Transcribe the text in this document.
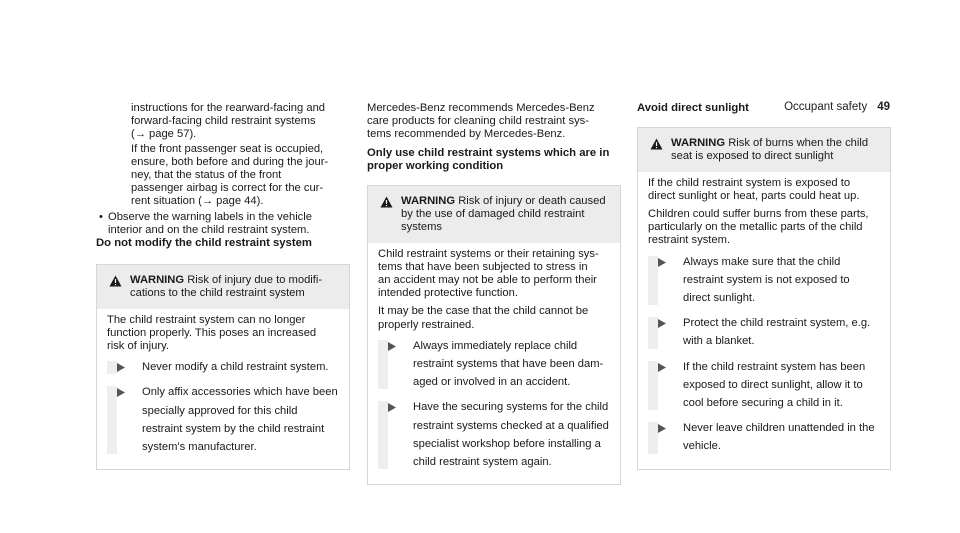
Occupant safety 49

instructions for the rearward-facing and

forward-facing child restraint systems

(→ page 57).

If the front passenger seat is occupied,

ensure, both before and during the jour-

ney, that the status of the front

passenger airbag is correct for the cur-

rent situation (→ page 44).

• Observe the warning labels in the vehicle

interior and on the child restraint system.

Do not modify the child restraint system

WARNING Risk of injury due to modifi-
cations to the child restraint system

The child restraint system can no longer
function properly. This poses an increased
risk of injury.

Never modify a child restraint system.

Only affix accessories which have been

specially approved for this child

restraint system by the child restraint

system's manufacturer.

Mercedes-Benz recommends Mercedes-Benz

care products for cleaning child restraint sys-

tems recommended by Mercedes-Benz.

Only use child restraint systems which are in

proper working condition

WARNING Risk of injury or death caused
by the use of damaged child restraint
systems

Child restraint systems or their retaining sys-
tems that have been subjected to stress in
an accident may not be able to perform their
intended protective function.

It may be the case that the child cannot be
properly restrained.

Always immediately replace child

restraint systems that have been dam-

aged or involved in an accident.

Have the securing systems for the child

restraint systems checked at a qualified

specialist workshop before installing a

child restraint system again.

Avoid direct sunlight

WARNING Risk of burns when the child
seat is exposed to direct sunlight

If the child restraint system is exposed to
direct sunlight or heat, parts could heat up.

Children could suffer burns from these parts,
particularly on the metallic parts of the child
restraint system.

Always make sure that the child

restraint system is not exposed to

direct sunlight.

Protect the child restraint system, e.g.

with a blanket.

If the child restraint system has been

exposed to direct sunlight, allow it to

cool before securing a child in it.

Never leave children unattended in the

vehicle.
